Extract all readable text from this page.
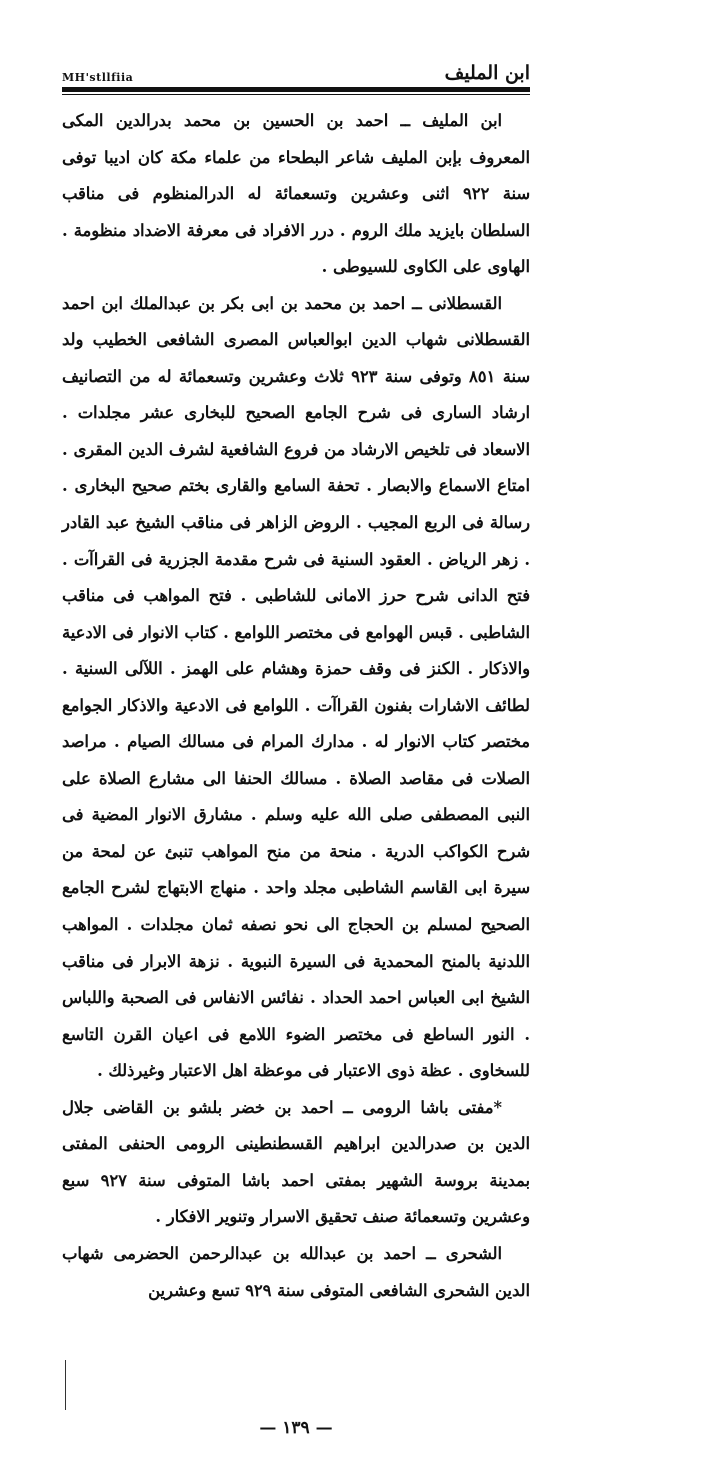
MH'stllfiia	ابن المليف

ابن المليف ــ احمد بن الحسين بن محمد بدرالدين المكى المعروف بإبن المليف شاعر البطحاء من علماء مكة كان اديبا توفى سنة ٩٢٢ اثنى وعشرين وتسعمائة له الدرالمنظوم فى مناقب السلطان بايزيد ملك الروم . درر الافراد فى معرفة الاضداد منظومة . الهاوى على الكاوى للسيوطى .

القسطلانى ــ احمد بن محمد بن ابى بكر بن عبدالملك ابن احمد القسطلانى شهاب الدين ابوالعباس المصرى الشافعى الخطيب ولد سنة ٨٥١ وتوفى سنة ٩٢٣ ثلاث وعشرين وتسعمائة له من التصانيف ارشاد السارى فى شرح الجامع الصحيح للبخارى عشر مجلدات . الاسعاد فى تلخيص الارشاد من فروع الشافعية لشرف الدين المقرى . امتاع الاسماع والابصار . تحفة السامع والقارى بختم صحيح البخارى . رسالة فى الربع المجيب . الروض الزاهر فى مناقب الشيخ عبد القادر . زهر الرياض . العقود السنية فى شرح مقدمة الجزرية فى القراآت . فتح الدانى شرح حرز الامانى للشاطبى . فتح المواهب فى مناقب الشاطبى . قبس الهوامع فى مختصر اللوامع . كتاب الانوار فى الادعية والاذكار . الكنز فى وقف حمزة وهشام على الهمز . اللآلى السنية . لطائف الاشارات بفنون القراآت . اللوامع فى الادعية والاذكار الجوامع مختصر كتاب الانوار له . مدارك المرام فى مسالك الصيام . مراصد الصلات فى مقاصد الصلاة . مسالك الحنفا الى مشارع الصلاة على النبى المصطفى صلى الله عليه وسلم . مشارق الانوار المضية فى شرح الكواكب الدرية . منحة من منح المواهب تنبئ عن لمحة من سيرة ابى القاسم الشاطبى مجلد واحد . منهاج الابتهاج لشرح الجامع الصحيح لمسلم بن الحجاج الى نحو نصفه ثمان مجلدات . المواهب اللدنية بالمنح المحمدية فى السيرة النبوية . نزهة الابرار فى مناقب الشيخ ابى العباس احمد الحداد . نفائس الانفاس فى الصحبة واللباس . النور الساطع فى مختصر الضوء اللامع فى اعيان القرن التاسع للسخاوى . عظة ذوى الاعتبار فى موعظة اهل الاعتبار وغيرذلك .

*مفتى باشا الرومى ــ احمد بن خضر بلشو بن القاضى جلال الدين بن صدرالدين ابراهيم القسطنطينى الرومى الحنفى المفتى بمدينة بروسة الشهير بمفتى احمد باشا المتوفى سنة ٩٢٧ سبع وعشرين وتسعمائة صنف تحقيق الاسرار وتنوير الافكار .

الشحرى ــ احمد بن عبدالله بن عبدالرحمن الحضرمى شهاب الدين الشحرى الشافعى المتوفى سنة ٩٢٩ تسع وعشرين

— ١٣٩ —
